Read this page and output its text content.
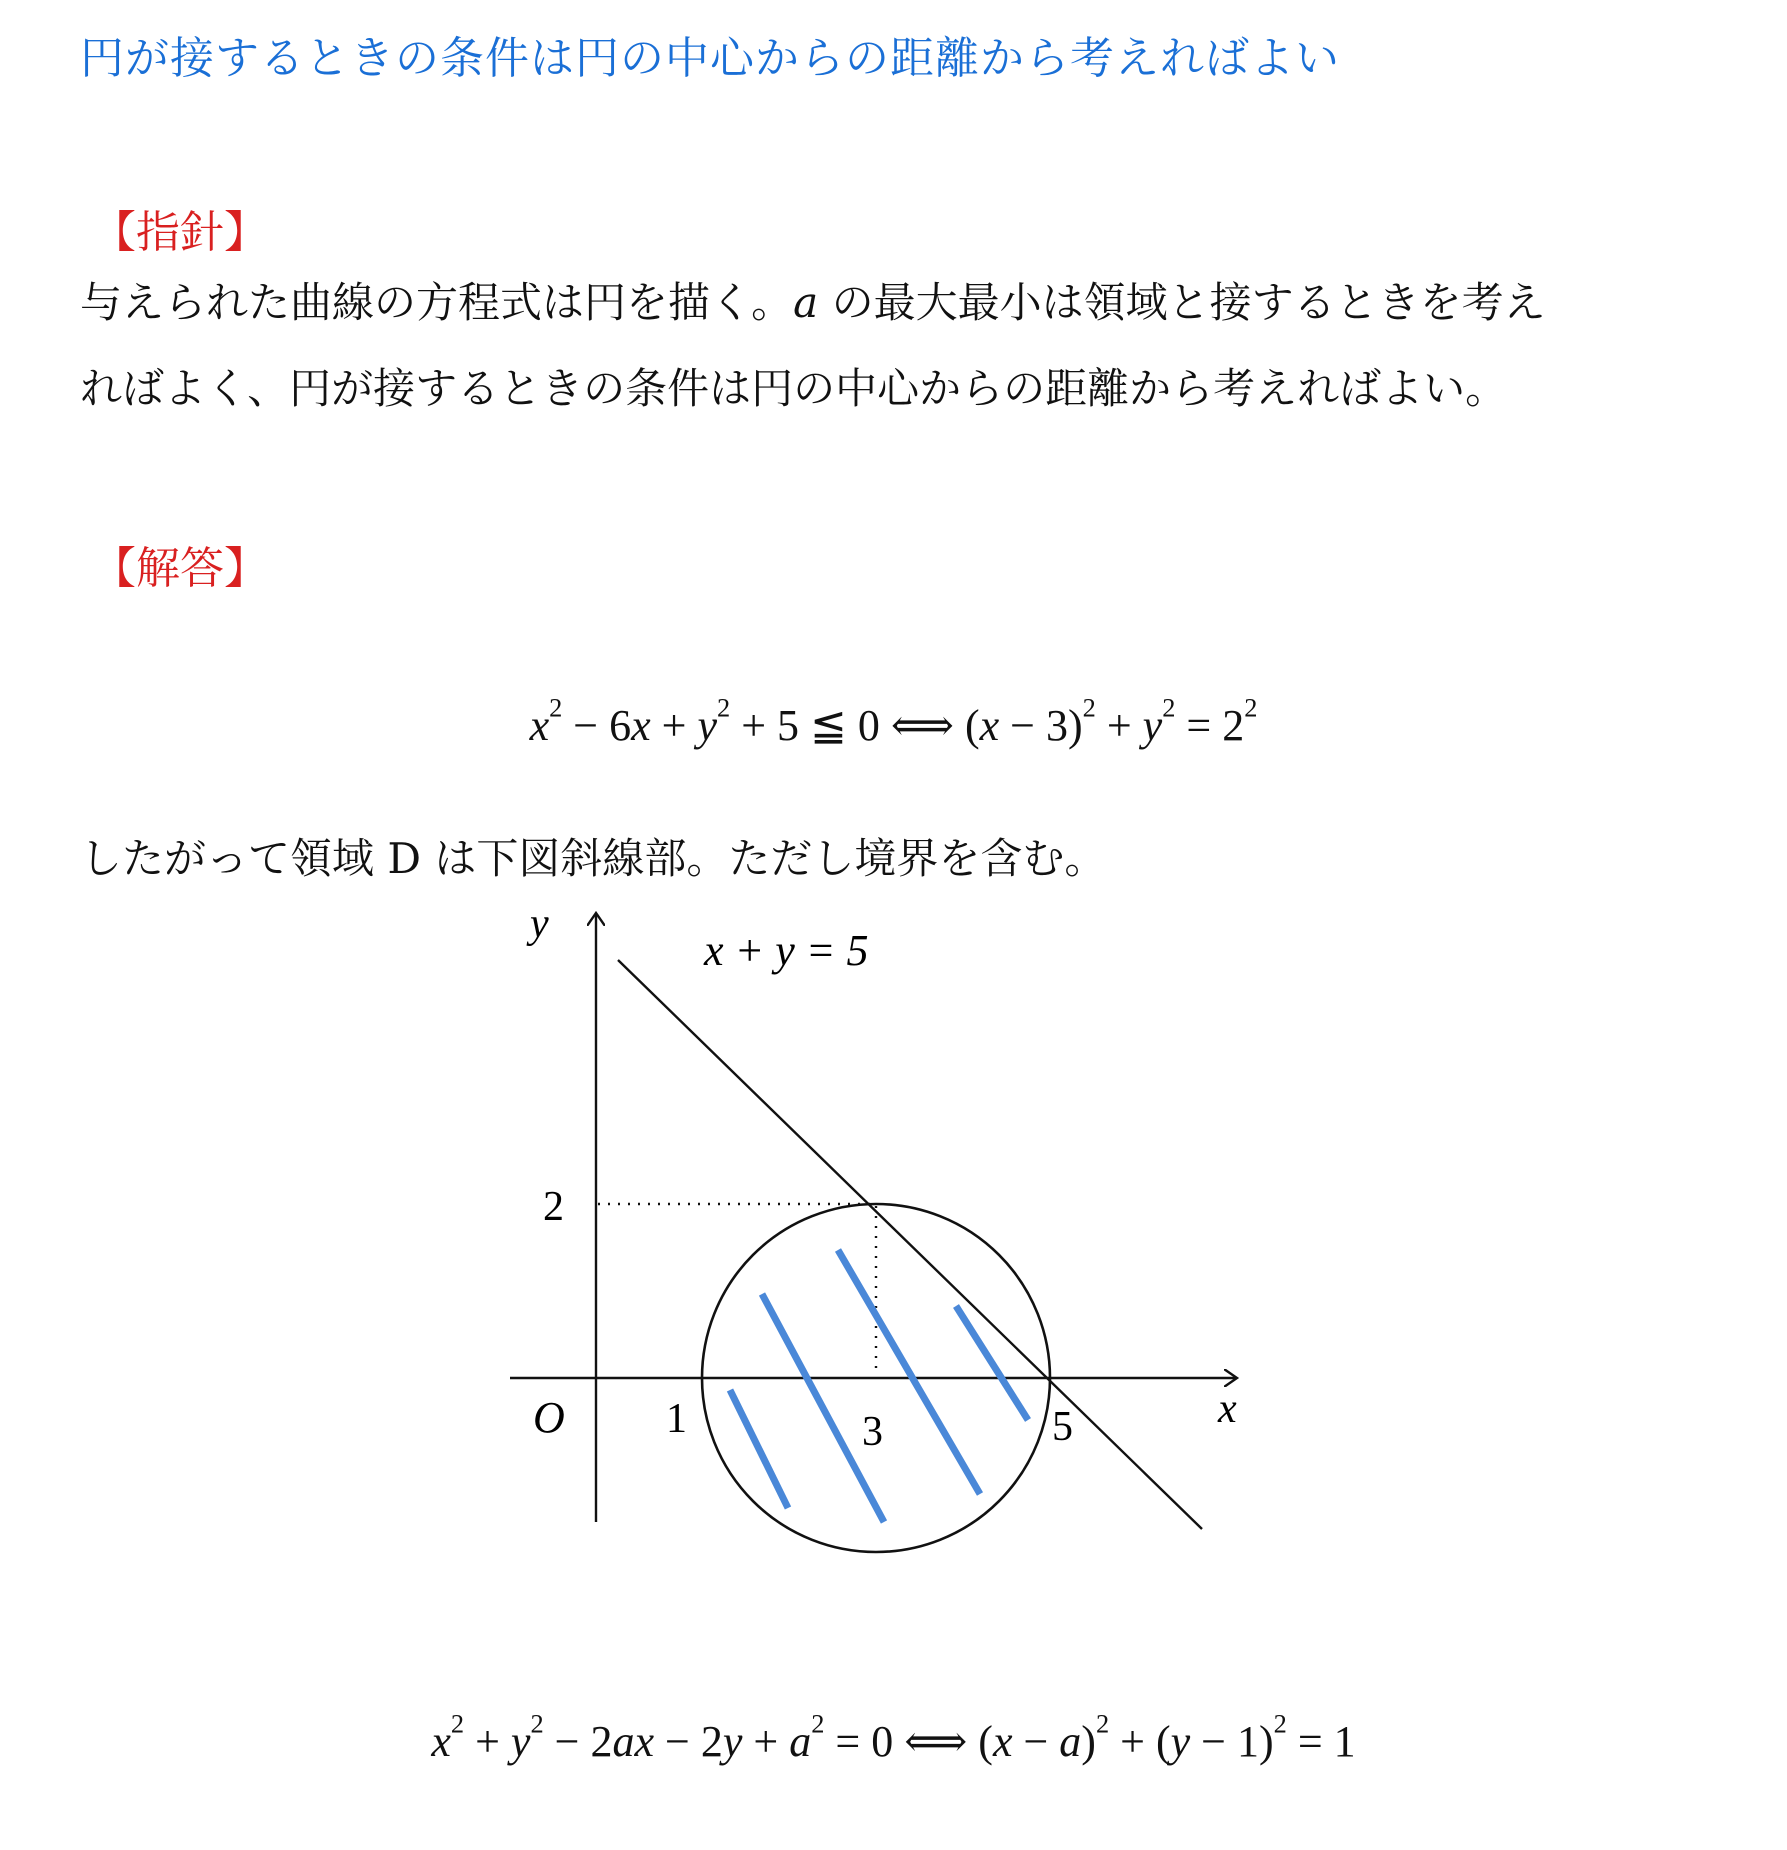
円が接するときの条件は円の中心からの距離から考えればよい
【指針】
与えられた曲線の方程式は円を描く。a の最大最小は領域と接するときを考え
ればよく、円が接するときの条件は円の中心からの距離から考えればよい。
【解答】
$x^2 - 6x + y^2 + 5$ ≦ 0 ⟺ $(x - 3)^2 + y^2 = 2^2$
したがって領域 D は下図斜線部。ただし境界を含む。
y
x
O
x + y = 5
1	3	5
2
$x^2 + y^2 - 2ax - 2y + a^2 = 0$ ⟺ $(x - a)^2 + (y - 1)^2 = 1$
